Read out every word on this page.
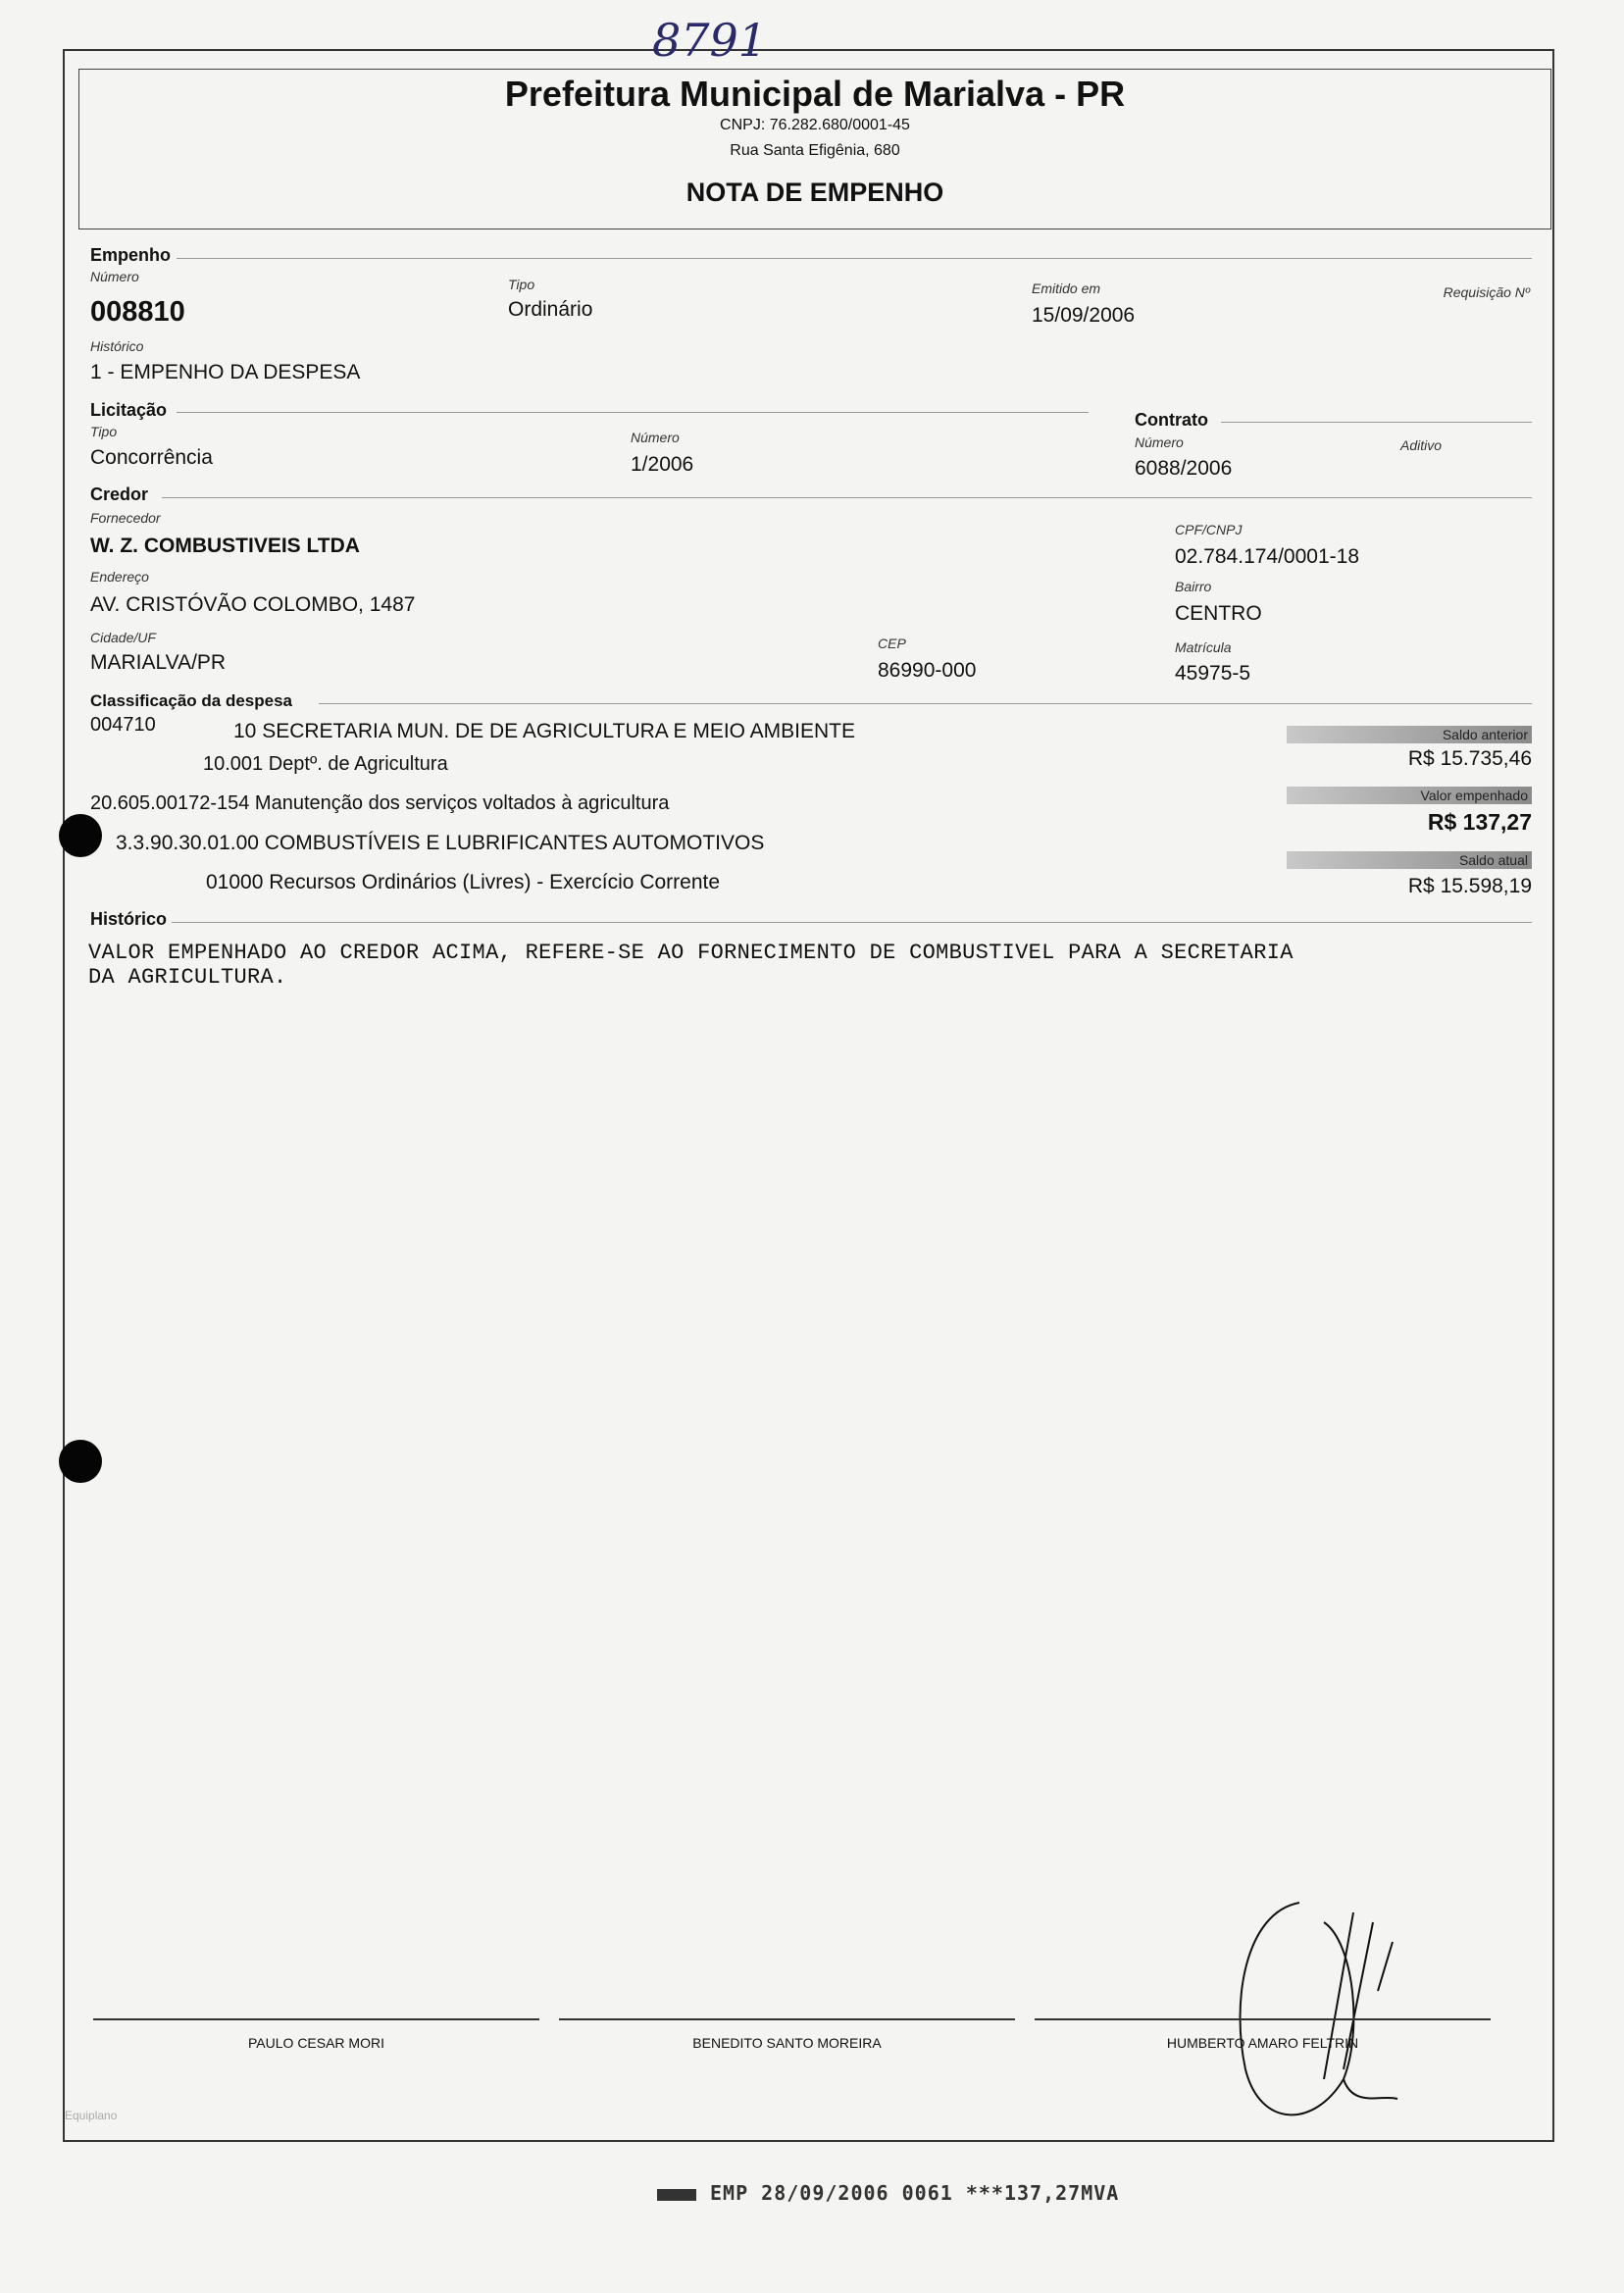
8791
Prefeitura Municipal de Marialva - PR
CNPJ: 76.282.680/0001-45
Rua Santa Efigênia, 680
NOTA DE EMPENHO
Empenho
Número
008810
Tipo
Ordinário
Emitido em
15/09/2006
Requisição Nº
Histórico
1 - EMPENHO DA DESPESA
Licitação
Tipo
Concorrência
Número
1/2006
Contrato
Número
6088/2006
Aditivo
Credor
Fornecedor
W. Z. COMBUSTIVEIS LTDA
CPF/CNPJ
02.784.174/0001-18
Endereço
AV. CRISTÓVÃO COLOMBO, 1487
Bairro
CENTRO
Cidade/UF
MARIALVA/PR
CEP
86990-000
Matrícula
45975-5
Classificação da despesa
004710	10 SECRETARIA MUN. DE DE AGRICULTURA E MEIO AMBIENTE
10.001 Deptº. de Agricultura
20.605.00172-154 Manutenção dos serviços voltados à agricultura
3.3.90.30.01.00 COMBUSTÍVEIS E LUBRIFICANTES AUTOMOTIVOS
01000 Recursos Ordinários (Livres) - Exercício Corrente
Saldo anterior
R$ 15.735,46
Valor empenhado
R$ 137,27
Saldo atual
R$ 15.598,19
Histórico
VALOR EMPENHADO AO CREDOR ACIMA, REFERE-SE AO FORNECIMENTO DE COMBUSTIVEL PARA A SECRETARIA
DA AGRICULTURA.
PAULO CESAR MORI	BENEDITO SANTO MOREIRA	HUMBERTO AMARO FELTRIN
Equiplano
EMP 28/09/2006 0061 ***137,27MVA
